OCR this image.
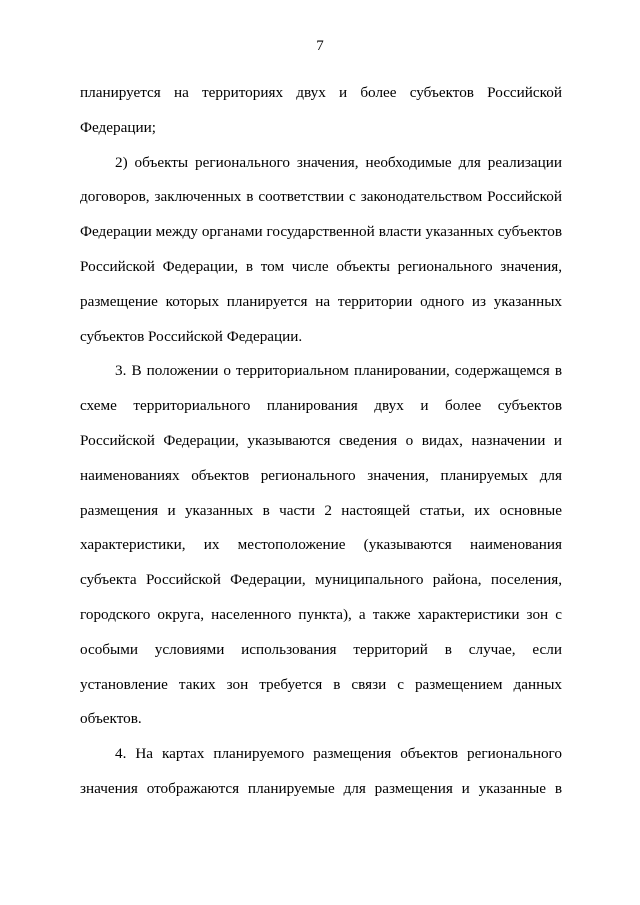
7

планируется на территориях двух и более субъектов Российской
Федерации;

2) объекты регионального значения, необходимые для реализации
договоров, заключенных в соответствии с законодательством Российской
Федерации между органами государственной власти указанных субъектов
Российской Федерации, в том числе объекты регионального значения,
размещение которых планируется на территории одного из указанных
субъектов Российской Федерации.

3. В положении о территориальном планировании, содержащемся в
схеме территориального планирования двух и более субъектов
Российской Федерации, указываются сведения о видах, назначении и
наименованиях объектов регионального значения, планируемых для
размещения и указанных в части 2 настоящей статьи, их основные
характеристики, их местоположение (указываются наименования
субъекта Российской Федерации, муниципального района, поселения,
городского округа, населенного пункта), а также характеристики зон с
особыми условиями использования территорий в случае, если
установление таких зон требуется в связи с размещением данных
объектов.

4. На картах планируемого размещения объектов регионального
значения отображаются планируемые для размещения и указанные в
